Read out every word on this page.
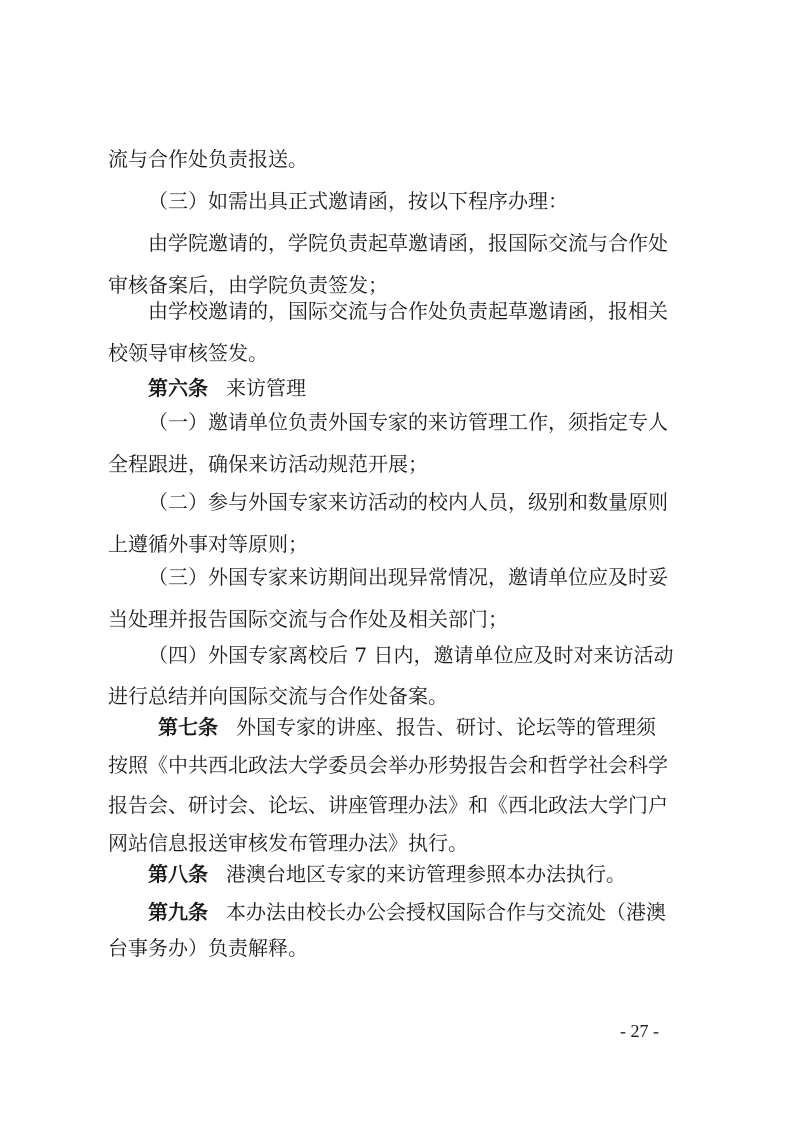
流与合作处负责报送。
（三）如需出具正式邀请函，按以下程序办理：
由学院邀请的，学院负责起草邀请函，报国际交流与合作处
审核备案后，由学院负责签发；
由学校邀请的，国际交流与合作处负责起草邀请函，报相关
校领导审核签发。
第六条 来访管理
（一）邀请单位负责外国专家的来访管理工作，须指定专人
全程跟进，确保来访活动规范开展；
（二）参与外国专家来访活动的校内人员，级别和数量原则
上遵循外事对等原则；
（三）外国专家来访期间出现异常情况，邀请单位应及时妥
当处理并报告国际交流与合作处及相关部门；
（四）外国专家离校后 7 日内，邀请单位应及时对来访活动
进行总结并向国际交流与合作处备案。
第七条 外国专家的讲座、报告、研讨、论坛等的管理须
按照《中共西北政法大学委员会举办形势报告会和哲学社会科学
报告会、研讨会、论坛、讲座管理办法》和《西北政法大学门户
网站信息报送审核发布管理办法》执行。
第八条 港澳台地区专家的来访管理参照本办法执行。
第九条 本办法由校长办公会授权国际合作与交流处（港澳
台事务办）负责解释。
- 27 -
